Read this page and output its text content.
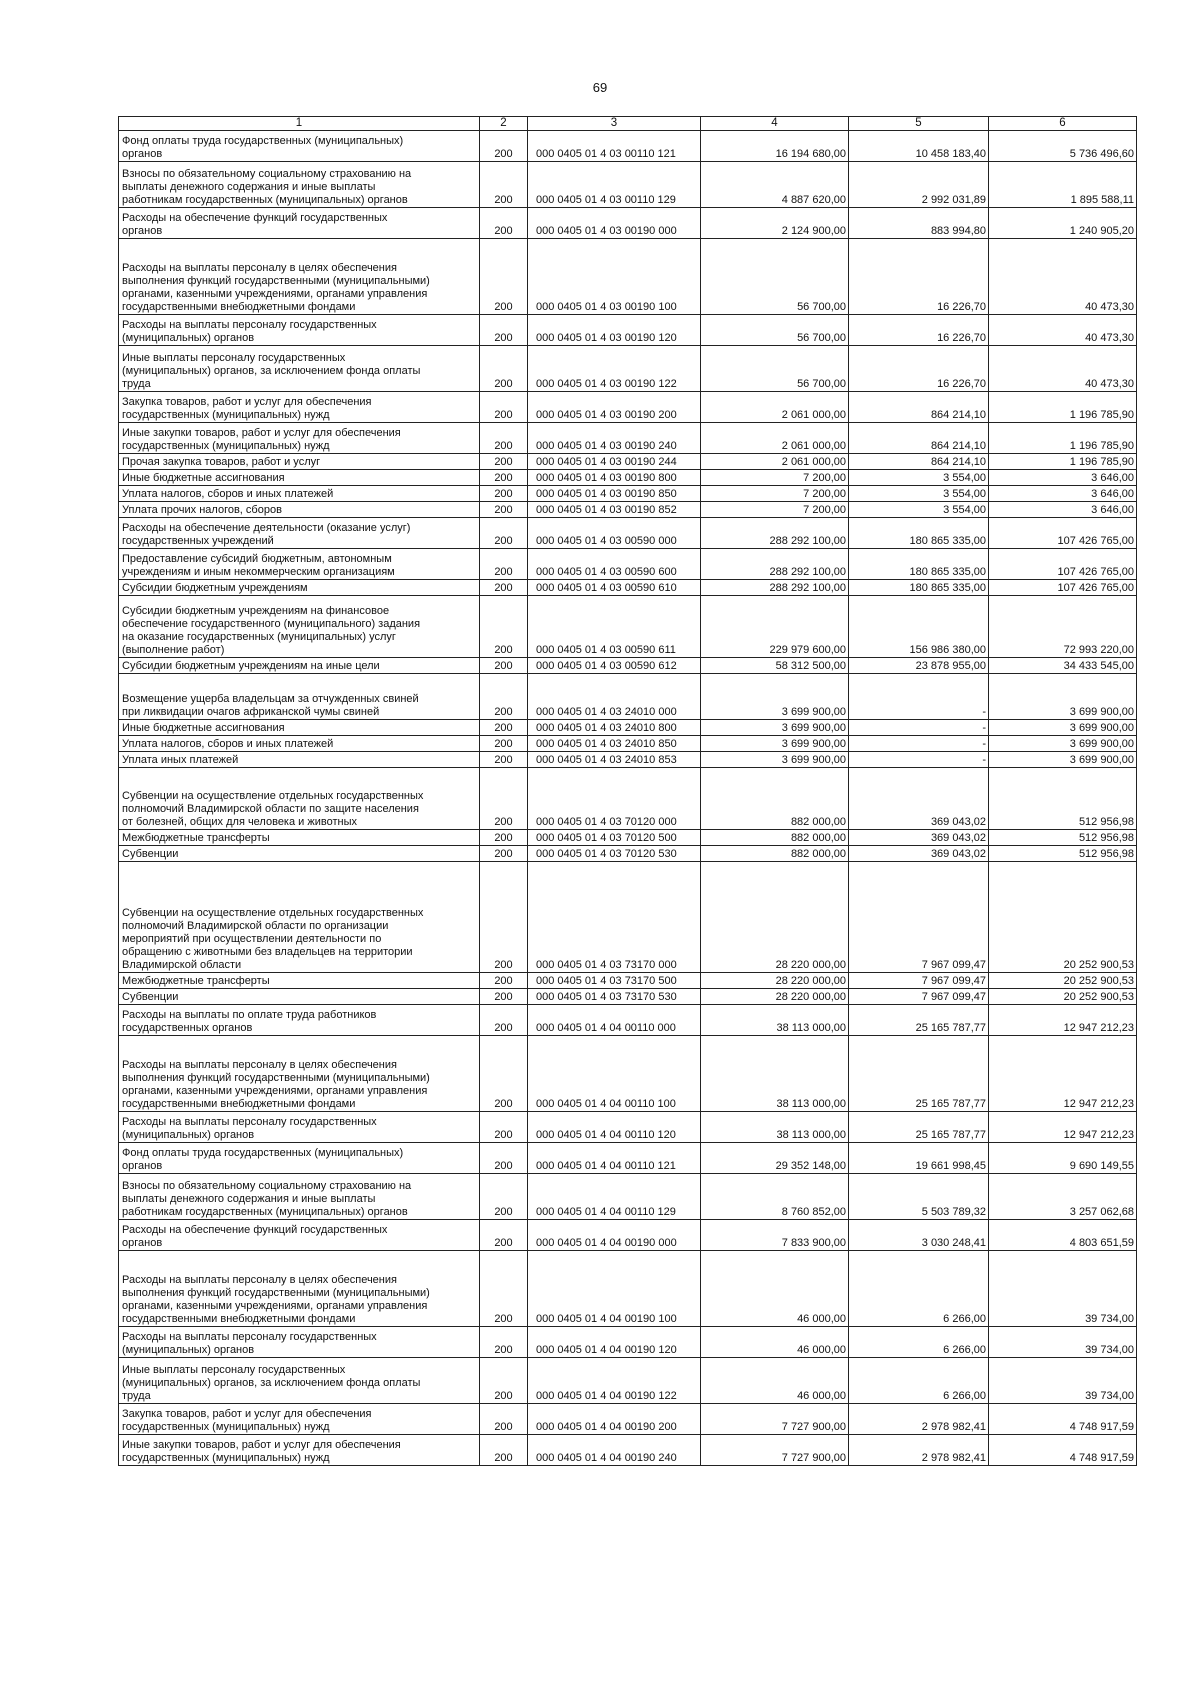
69
1	2	3	4	5	6
Фонд оплаты труда государственных (муниципальных)
органов	200	000 0405 01 4 03 00110 121	16 194 680,00	10 458 183,40	5 736 496,60
Взносы по обязательному социальному страхованию на
выплаты денежного содержания и иные выплаты
работникам государственных (муниципальных) органов	200	000 0405 01 4 03 00110 129	4 887 620,00	2 992 031,89	1 895 588,11
Расходы на обеспечение функций государственных
органов	200	000 0405 01 4 03 00190 000	2 124 900,00	883 994,80	1 240 905,20
Расходы на выплаты персоналу в целях обеспечения
выполнения функций государственными (муниципальными)
органами, казенными учреждениями, органами управления
государственными внебюджетными фондами	200	000 0405 01 4 03 00190 100	56 700,00	16 226,70	40 473,30
Расходы на выплаты персоналу государственных
(муниципальных) органов	200	000 0405 01 4 03 00190 120	56 700,00	16 226,70	40 473,30
Иные выплаты персоналу государственных
(муниципальных) органов, за исключением фонда оплаты
труда	200	000 0405 01 4 03 00190 122	56 700,00	16 226,70	40 473,30
Закупка товаров, работ и услуг для обеспечения
государственных (муниципальных) нужд	200	000 0405 01 4 03 00190 200	2 061 000,00	864 214,10	1 196 785,90
Иные закупки товаров, работ и услуг для обеспечения
государственных (муниципальных) нужд	200	000 0405 01 4 03 00190 240	2 061 000,00	864 214,10	1 196 785,90
Прочая закупка товаров, работ и услуг	200	000 0405 01 4 03 00190 244	2 061 000,00	864 214,10	1 196 785,90
Иные бюджетные ассигнования	200	000 0405 01 4 03 00190 800	7 200,00	3 554,00	3 646,00
Уплата налогов, сборов и иных платежей	200	000 0405 01 4 03 00190 850	7 200,00	3 554,00	3 646,00
Уплата прочих налогов, сборов	200	000 0405 01 4 03 00190 852	7 200,00	3 554,00	3 646,00
Расходы на обеспечение деятельности (оказание услуг)
государственных учреждений	200	000 0405 01 4 03 00590 000	288 292 100,00	180 865 335,00	107 426 765,00
Предоставление субсидий бюджетным, автономным
учреждениям и иным некоммерческим организациям	200	000 0405 01 4 03 00590 600	288 292 100,00	180 865 335,00	107 426 765,00
Субсидии бюджетным учреждениям	200	000 0405 01 4 03 00590 610	288 292 100,00	180 865 335,00	107 426 765,00
Субсидии бюджетным учреждениям на финансовое
обеспечение государственного (муниципального) задания
на оказание государственных (муниципальных) услуг
(выполнение работ)	200	000 0405 01 4 03 00590 611	229 979 600,00	156 986 380,00	72 993 220,00
Субсидии бюджетным учреждениям на иные цели	200	000 0405 01 4 03 00590 612	58 312 500,00	23 878 955,00	34 433 545,00
Возмещение ущерба владельцам за отчужденных свиней
при ликвидации очагов африканской чумы свиней	200	000 0405 01 4 03 24010 000	3 699 900,00	-	3 699 900,00
Иные бюджетные ассигнования	200	000 0405 01 4 03 24010 800	3 699 900,00	-	3 699 900,00
Уплата налогов, сборов и иных платежей	200	000 0405 01 4 03 24010 850	3 699 900,00	-	3 699 900,00
Уплата иных платежей	200	000 0405 01 4 03 24010 853	3 699 900,00	-	3 699 900,00
Субвенции на осуществление отдельных государственных
полномочий Владимирской области по защите населения
от болезней, общих для человека и животных	200	000 0405 01 4 03 70120 000	882 000,00	369 043,02	512 956,98
Межбюджетные трансферты	200	000 0405 01 4 03 70120 500	882 000,00	369 043,02	512 956,98
Субвенции	200	000 0405 01 4 03 70120 530	882 000,00	369 043,02	512 956,98
Субвенции на осуществление отдельных государственных
полномочий Владимирской области по организации
мероприятий при осуществлении деятельности по
обращению с животными без владельцев на территории
Владимирской области	200	000 0405 01 4 03 73170 000	28 220 000,00	7 967 099,47	20 252 900,53
Межбюджетные трансферты	200	000 0405 01 4 03 73170 500	28 220 000,00	7 967 099,47	20 252 900,53
Субвенции	200	000 0405 01 4 03 73170 530	28 220 000,00	7 967 099,47	20 252 900,53
Расходы на выплаты по оплате труда работников
государственных органов	200	000 0405 01 4 04 00110 000	38 113 000,00	25 165 787,77	12 947 212,23
Расходы на выплаты персоналу в целях обеспечения
выполнения функций государственными (муниципальными)
органами, казенными учреждениями, органами управления
государственными внебюджетными фондами	200	000 0405 01 4 04 00110 100	38 113 000,00	25 165 787,77	12 947 212,23
Расходы на выплаты персоналу государственных
(муниципальных) органов	200	000 0405 01 4 04 00110 120	38 113 000,00	25 165 787,77	12 947 212,23
Фонд оплаты труда государственных (муниципальных)
органов	200	000 0405 01 4 04 00110 121	29 352 148,00	19 661 998,45	9 690 149,55
Взносы по обязательному социальному страхованию на
выплаты денежного содержания и иные выплаты
работникам государственных (муниципальных) органов	200	000 0405 01 4 04 00110 129	8 760 852,00	5 503 789,32	3 257 062,68
Расходы на обеспечение функций государственных
органов	200	000 0405 01 4 04 00190 000	7 833 900,00	3 030 248,41	4 803 651,59
Расходы на выплаты персоналу в целях обеспечения
выполнения функций государственными (муниципальными)
органами, казенными учреждениями, органами управления
государственными внебюджетными фондами	200	000 0405 01 4 04 00190 100	46 000,00	6 266,00	39 734,00
Расходы на выплаты персоналу государственных
(муниципальных) органов	200	000 0405 01 4 04 00190 120	46 000,00	6 266,00	39 734,00
Иные выплаты персоналу государственных
(муниципальных) органов, за исключением фонда оплаты
труда	200	000 0405 01 4 04 00190 122	46 000,00	6 266,00	39 734,00
Закупка товаров, работ и услуг для обеспечения
государственных (муниципальных) нужд	200	000 0405 01 4 04 00190 200	7 727 900,00	2 978 982,41	4 748 917,59
Иные закупки товаров, работ и услуг для обеспечения
государственных (муниципальных) нужд	200	000 0405 01 4 04 00190 240	7 727 900,00	2 978 982,41	4 748 917,59
